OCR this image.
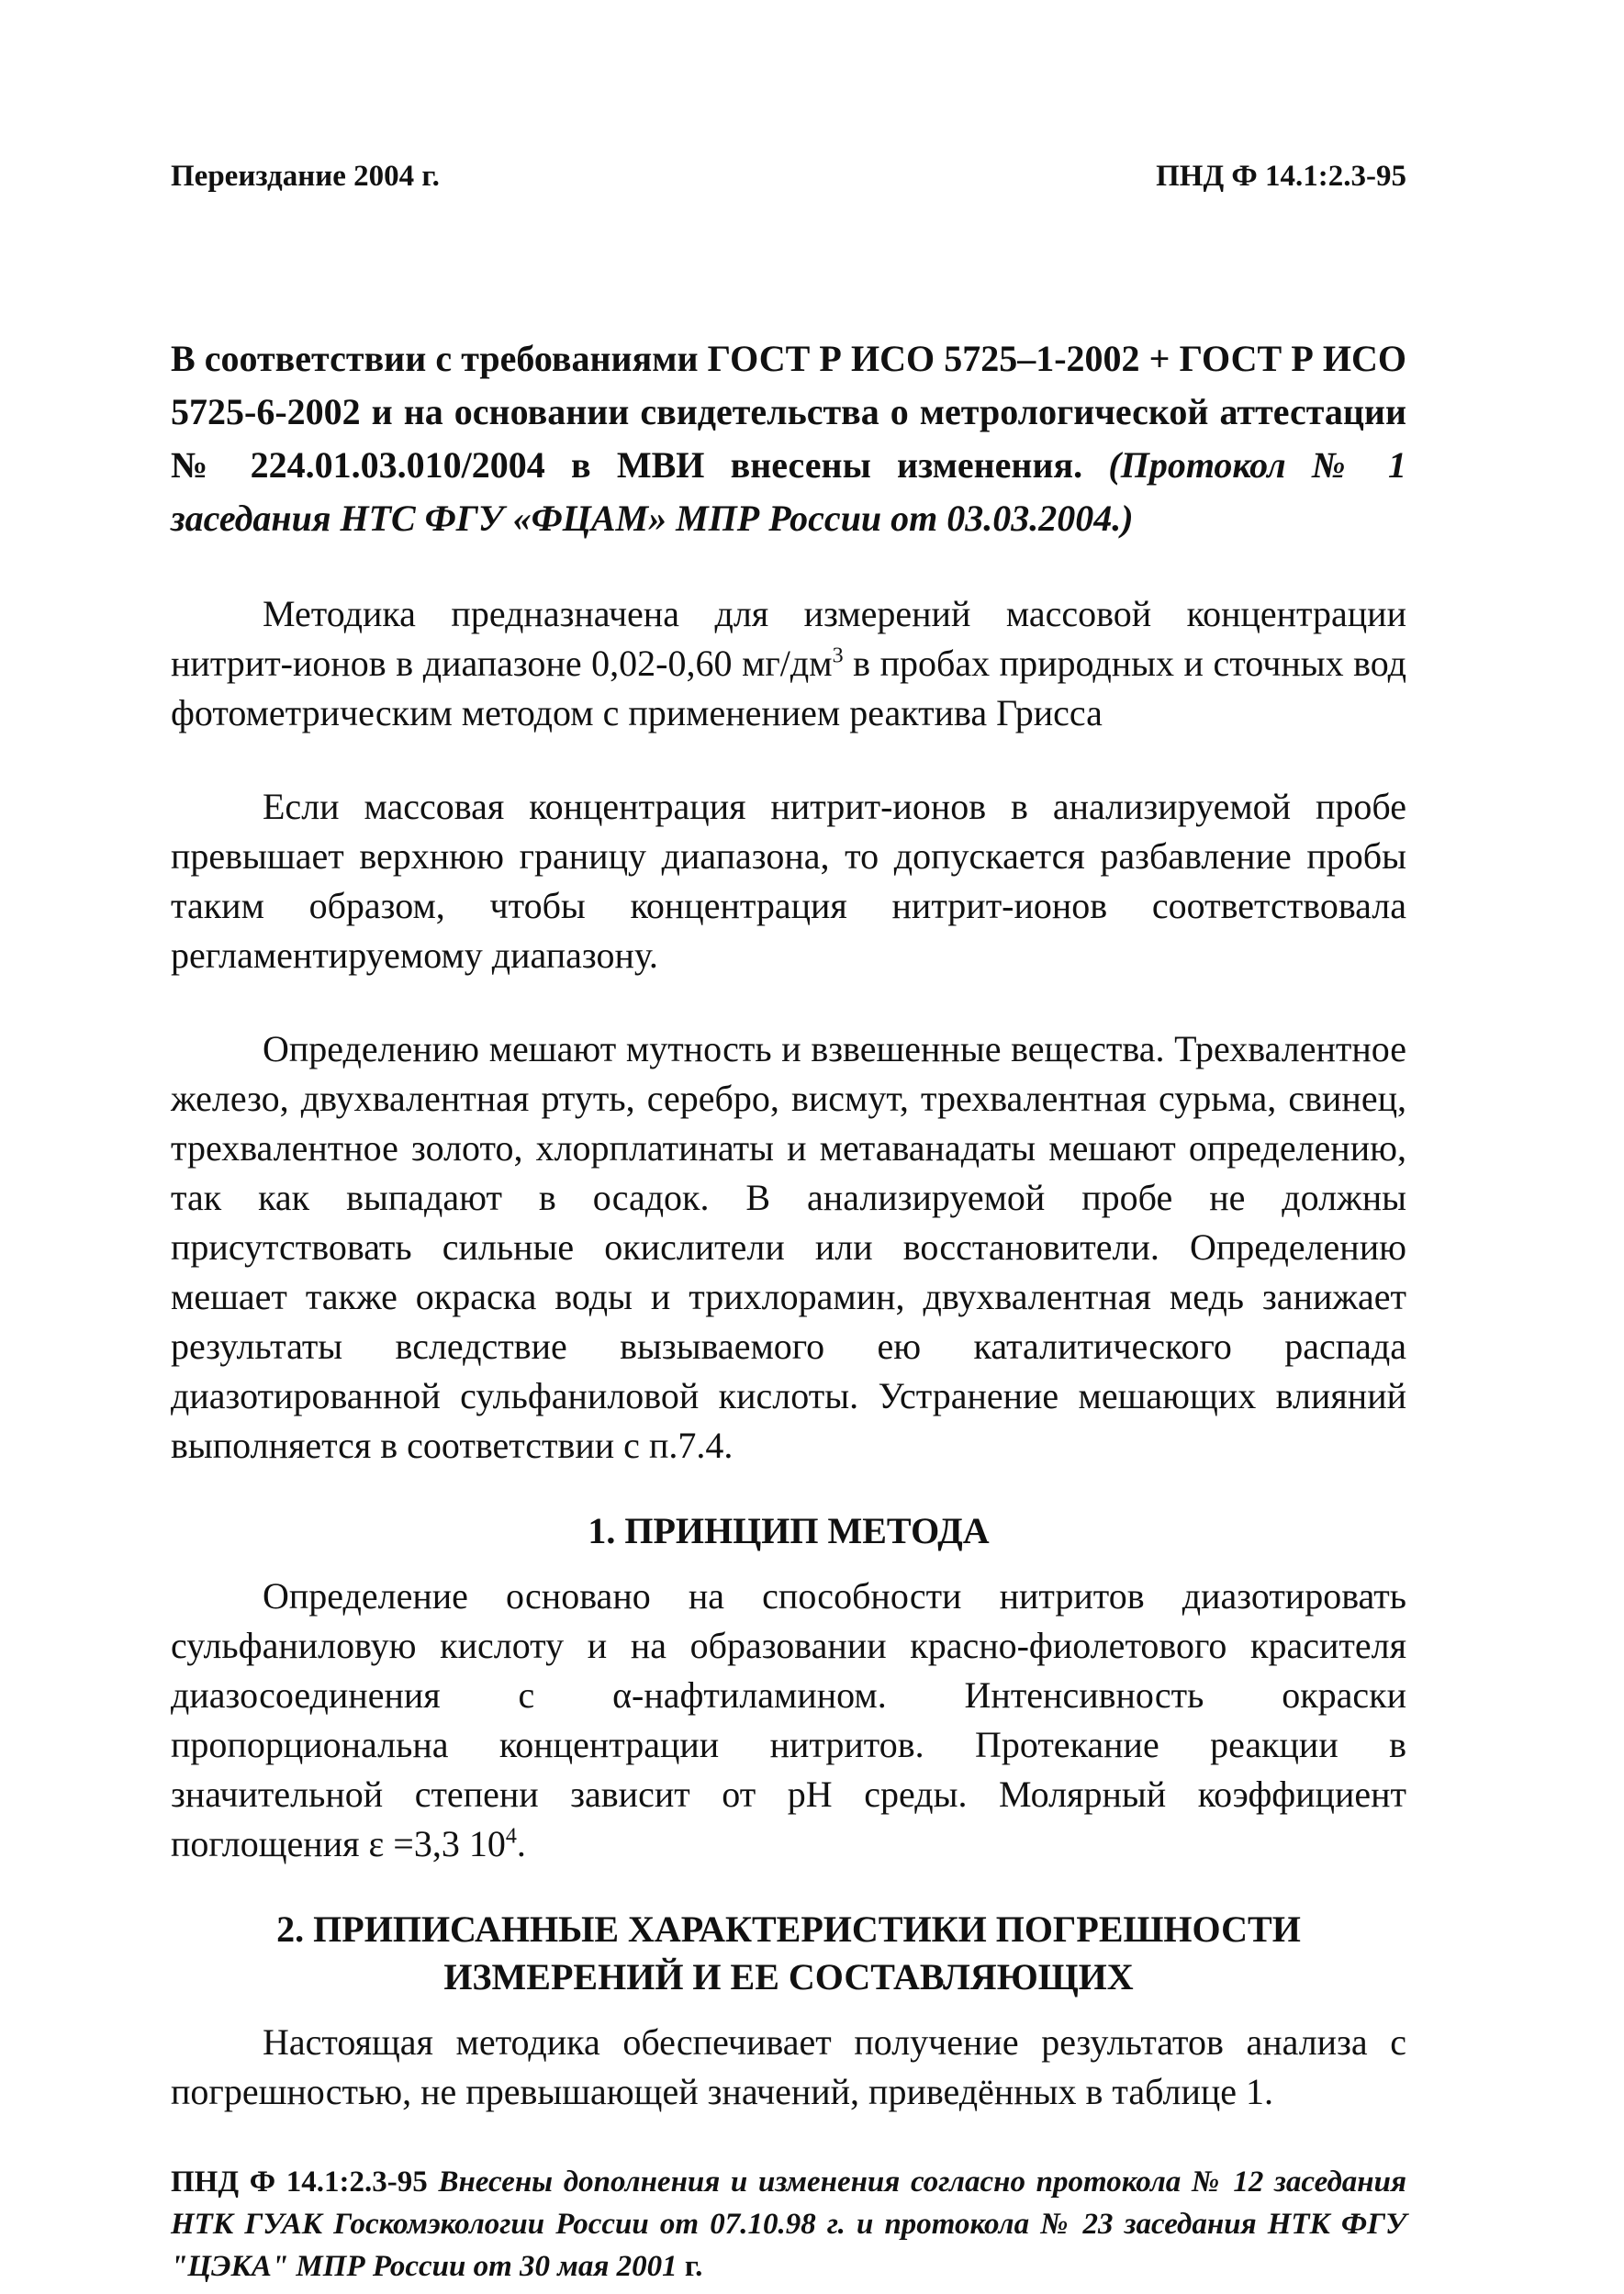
Переиздание 2004 г.	ПНД Ф 14.1:2.3-95
В соответствии с требованиями ГОСТ Р ИСО 5725–1-2002 + ГОСТ Р ИСО 5725-6-2002 и на основании свидетельства о метрологической аттестации № 224.01.03.010/2004 в МВИ внесены изменения. (Протокол № 1 заседания НТС ФГУ «ФЦАМ» МПР России от 03.03.2004.)

Методика предназначена для измерений массовой концентрации нитрит-ионов в диапазоне 0,02-0,60 $мг/дм^3$ в пробах природных и сточных вод фотометрическим методом с применением реактива Грисса

Если массовая концентрация нитрит-ионов в анализируемой пробе превышает верхнюю границу диапазона, то допускается разбавление пробы таким образом, чтобы концентрация нитрит-ионов соответствовала регламентируемому диапазону.

Определению мешают мутность и взвешенные вещества. Трехвалентное железо, двухвалентная ртуть, серебро, висмут, трехвалентная сурьма, свинец, трехвалентное золото, хлорплатинаты и метаванадаты мешают определению, так как выпадают в осадок. В анализируемой пробе не должны присутствовать сильные окислители или восстановители. Определению мешает также окраска воды и трихлорамин, двухвалентная медь занижает результаты вследствие вызываемого ею каталитического распада диазотированной сульфаниловой кислоты. Устранение мешающих влияний выполняется в соответствии с п.7.4.

1. ПРИНЦИП МЕТОДА

Определение основано на способности нитритов диазотировать сульфаниловую кислоту и на образовании красно-фиолетового красителя диазосоединения с α-нафтиламином. Интенсивность окраски пропорциональна концентрации нитритов. Протекание реакции в значительной степени зависит от pH среды. Молярный коэффициент поглощения ε =3,3 $10^4$.

2. ПРИПИСАННЫЕ ХАРАКТЕРИСТИКИ ПОГРЕШНОСТИ
ИЗМЕРЕНИЙ И ЕЕ СОСТАВЛЯЮЩИХ

Настоящая методика обеспечивает получение результатов анализа с погрешностью, не превышающей значений, приведённых в таблице 1.

ПНД Ф 14.1:2.3-95 Внесены дополнения и изменения согласно протокола № 12 заседания НТК ГУАК Госкомэкологии России от 07.10.98 г. и протокола № 23 заседания НТК ФГУ "ЦЭКА" МПР России от 30 мая 2001 г.
